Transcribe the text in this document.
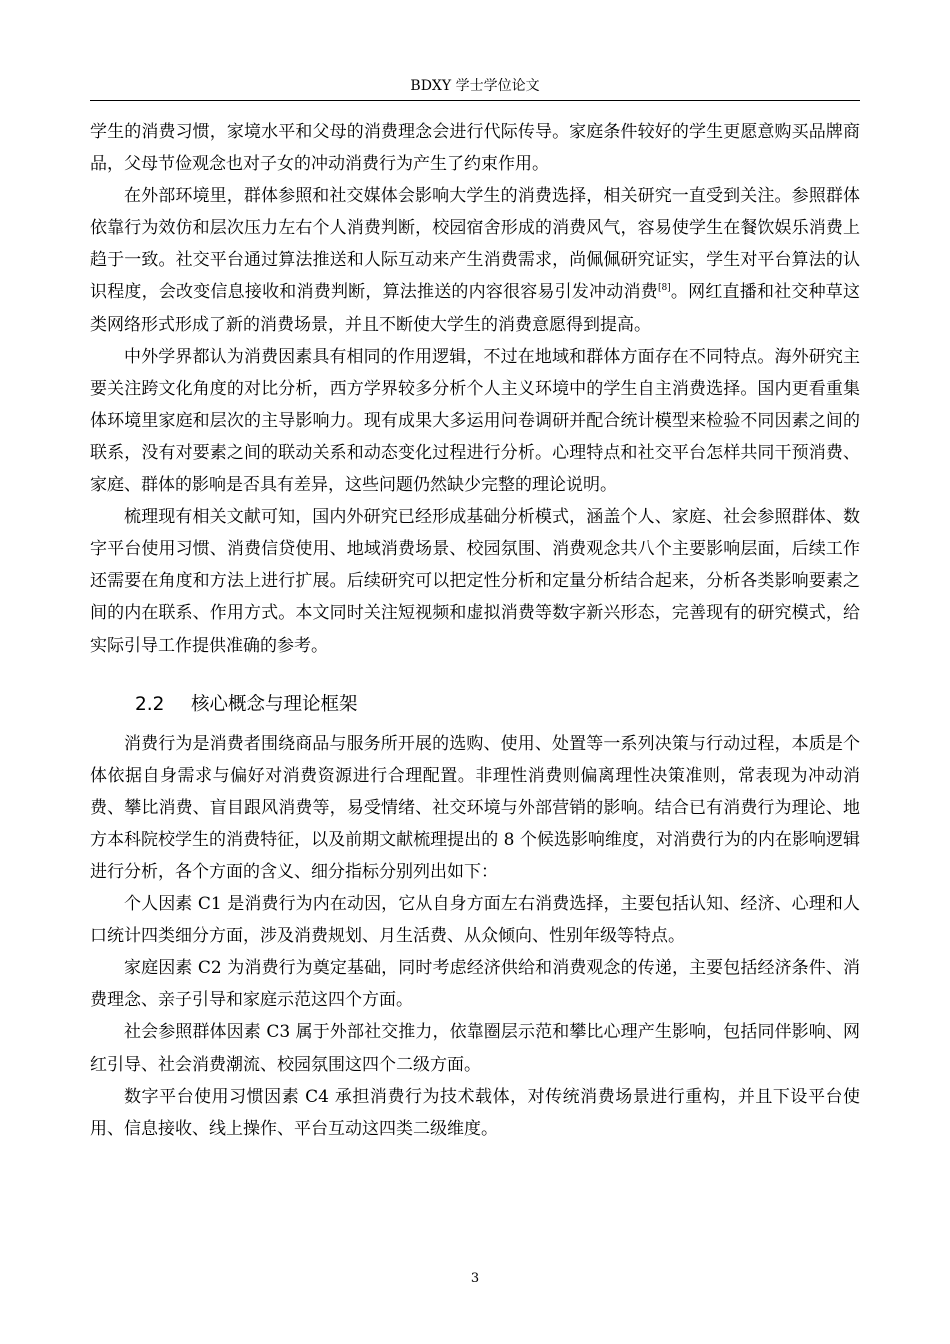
BDXY 学士学位论文

学生的消费习惯，家境水平和父母的消费理念会进行代际传导。家庭条件较好的学生更愿意购买品牌商品，父母节俭观念也对子女的冲动消费行为产生了约束作用。

在外部环境里，群体参照和社交媒体会影响大学生的消费选择，相关研究一直受到关注。参照群体依靠行为效仿和层次压力左右个人消费判断，校园宿舍形成的消费风气，容易使学生在餐饮娱乐消费上趋于一致。社交平台通过算法推送和人际互动来产生消费需求，尚佩佩研究证实，学生对平台算法的认识程度，会改变信息接收和消费判断，算法推送的内容很容易引发冲动消费[8]。网红直播和社交种草这类网络形式形成了新的消费场景，并且不断使大学生的消费意愿得到提高。

中外学界都认为消费因素具有相同的作用逻辑，不过在地域和群体方面存在不同特点。海外研究主要关注跨文化角度的对比分析，西方学界较多分析个人主义环境中的学生自主消费选择。国内更看重集体环境里家庭和层次的主导影响力。现有成果大多运用问卷调研并配合统计模型来检验不同因素之间的联系，没有对要素之间的联动关系和动态变化过程进行分析。心理特点和社交平台怎样共同干预消费、家庭、群体的影响是否具有差异，这些问题仍然缺少完整的理论说明。

梳理现有相关文献可知，国内外研究已经形成基础分析模式，涵盖个人、家庭、社会参照群体、数字平台使用习惯、消费信贷使用、地域消费场景、校园氛围、消费观念共八个主要影响层面，后续工作还需要在角度和方法上进行扩展。后续研究可以把定性分析和定量分析结合起来，分析各类影响要素之间的内在联系、作用方式。本文同时关注短视频和虚拟消费等数字新兴形态，完善现有的研究模式，给实际引导工作提供准确的参考。

2.2 核心概念与理论框架

消费行为是消费者围绕商品与服务所开展的选购、使用、处置等一系列决策与行动过程，本质是个体依据自身需求与偏好对消费资源进行合理配置。非理性消费则偏离理性决策准则，常表现为冲动消费、攀比消费、盲目跟风消费等，易受情绪、社交环境与外部营销的影响。结合已有消费行为理论、地方本科院校学生的消费特征，以及前期文献梳理提出的 8 个候选影响维度，对消费行为的内在影响逻辑进行分析，各个方面的含义、细分指标分别列出如下：

个人因素 C1 是消费行为内在动因，它从自身方面左右消费选择，主要包括认知、经济、心理和人口统计四类细分方面，涉及消费规划、月生活费、从众倾向、性别年级等特点。

家庭因素 C2 为消费行为奠定基础，同时考虑经济供给和消费观念的传递，主要包括经济条件、消费理念、亲子引导和家庭示范这四个方面。

社会参照群体因素 C3 属于外部社交推力，依靠圈层示范和攀比心理产生影响，包括同伴影响、网红引导、社会消费潮流、校园氛围这四个二级方面。

数字平台使用习惯因素 C4 承担消费行为技术载体，对传统消费场景进行重构，并且下设平台使用、信息接收、线上操作、平台互动这四类二级维度。

3
